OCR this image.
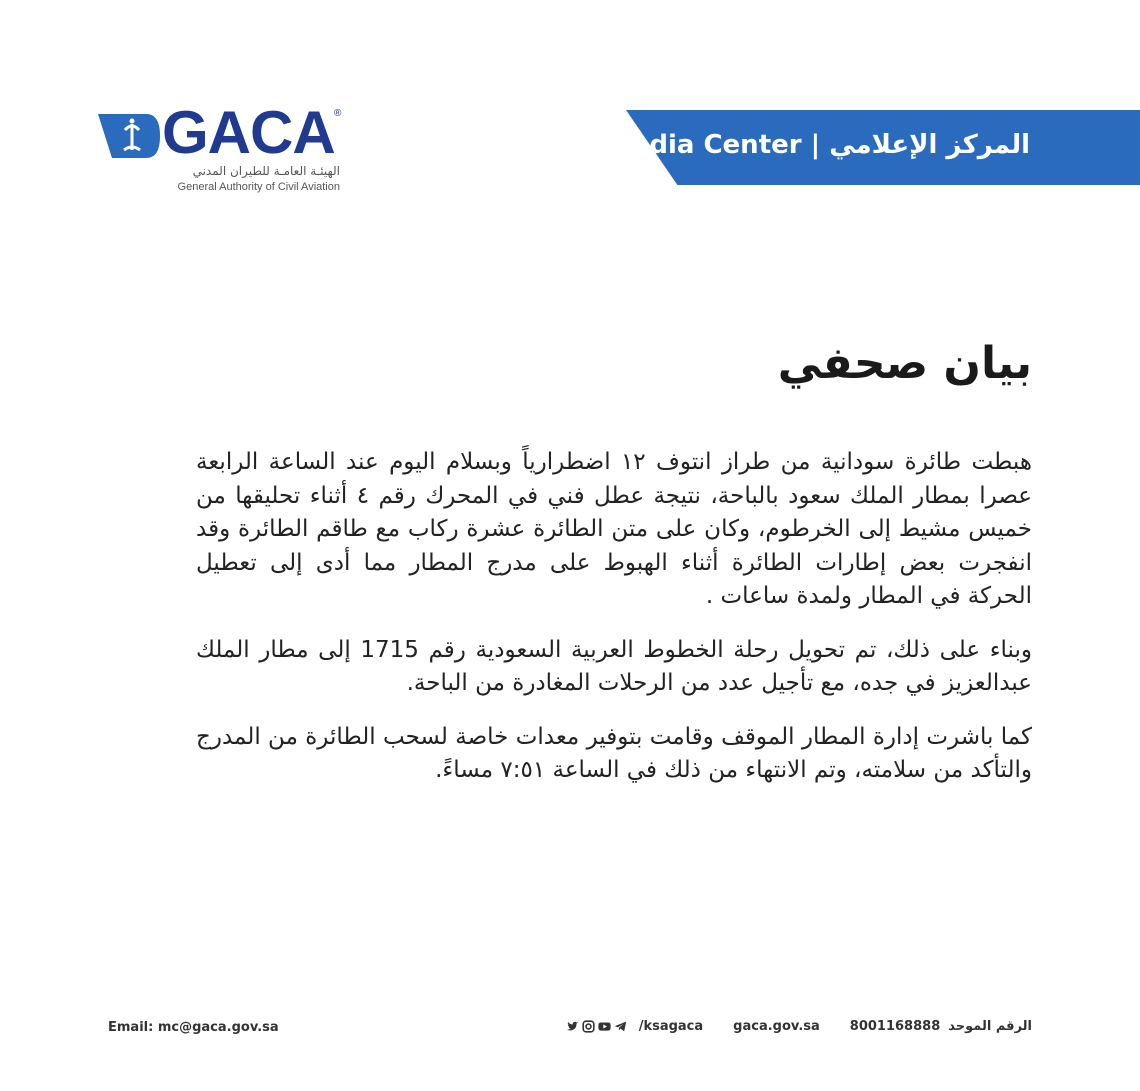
GACA ®
الهيئـة العامـة للطيران المدني
General Authority of Civil Aviation
Media Center | المركز الإعلامي
بيان صحفي

هبطت طائرة سودانية من طراز انتوف ١٢ اضطرارياً وبسلام اليوم عند الساعة الرابعة عصرا بمطار الملك سعود بالباحة، نتيجة عطل فني في المحرك رقم ٤ أثناء تحليقها من خميس مشيط إلى الخرطوم، وكان على متن الطائرة عشرة ركاب مع طاقم الطائرة وقد انفجرت بعض إطارات الطائرة أثناء الهبوط على مدرج المطار مما أدى إلى تعطيل الحركة في المطار ولمدة ساعات .

وبناء على ذلك، تم تحويل رحلة الخطوط العربية السعودية رقم 1715 إلى مطار الملك عبدالعزيز في جده، مع تأجيل عدد من الرحلات المغادرة من الباحة.

كما باشرت إدارة المطار الموقف وقامت بتوفير معدات خاصة لسحب الطائرة من المدرج والتأكد من سلامته، وتم الانتهاء من ذلك في الساعة ٧:٥١ مساءً.

Email: mc@gaca.gov.sa	/ksagaca gaca.gov.sa 8001168888 الرقم الموحد
